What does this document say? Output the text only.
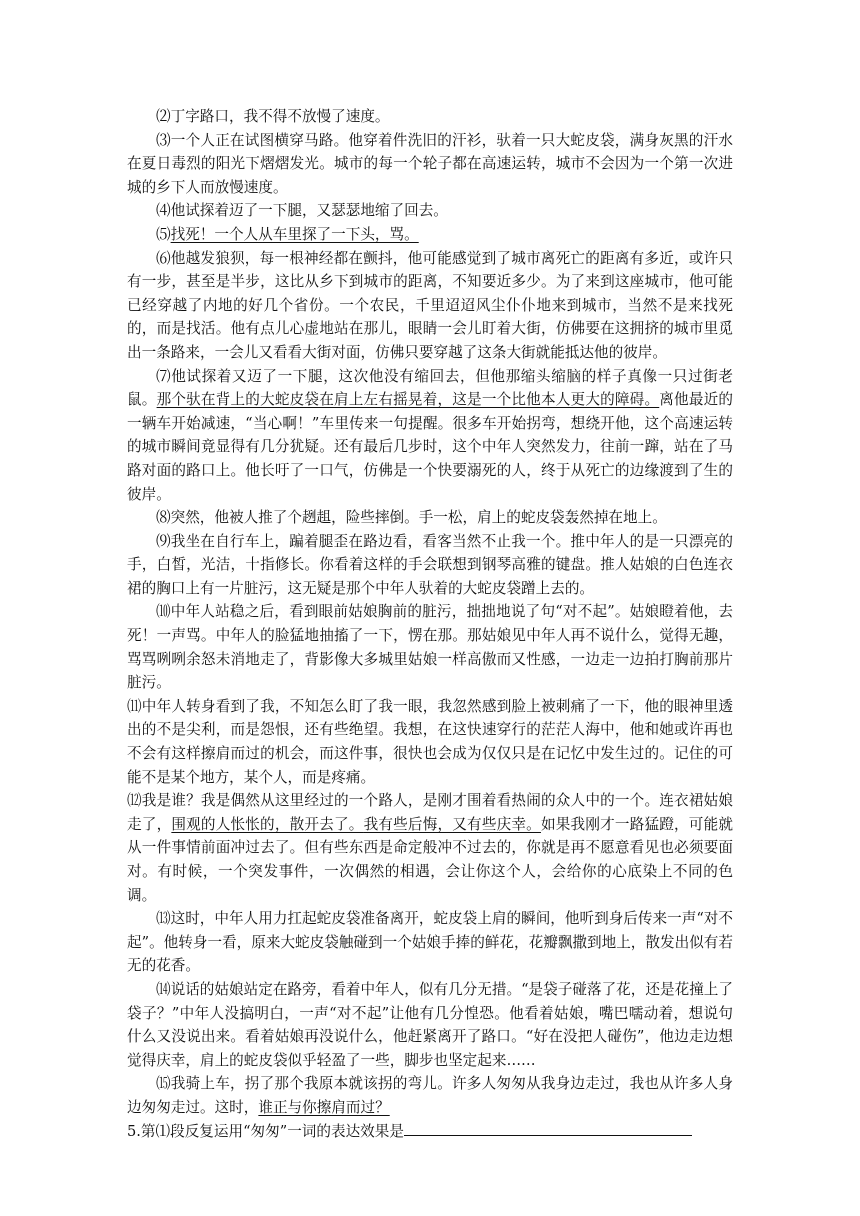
⑵丁字路口，我不得不放慢了速度。

⑶一个人正在试图横穿马路。他穿着件洗旧的汗衫，驮着一只大蛇皮袋，满身灰黑的汗水在夏日毒烈的阳光下熠熠发光。城市的每一个轮子都在高速运转，城市不会因为一个第一次进城的乡下人而放慢速度。

⑷他试探着迈了一下腿，又瑟瑟地缩了回去。

⑸找死！一个人从车里探了一下头，骂。

⑹他越发狼狈，每一根神经都在颤抖，他可能感觉到了城市离死亡的距离有多近，或许只有一步，甚至是半步，这比从乡下到城市的距离，不知要近多少。为了来到这座城市，他可能已经穿越了内地的好几个省份。一个农民，千里迢迢风尘仆仆地来到城市，当然不是来找死的，而是找活。他有点儿心虚地站在那儿，眼睛一会儿盯着大街，仿佛要在这拥挤的城市里觅出一条路来，一会儿又看看大街对面，仿佛只要穿越了这条大街就能抵达他的彼岸。

⑺他试探着又迈了一下腿，这次他没有缩回去，但他那缩头缩脑的样子真像一只过街老鼠。那个驮在背上的大蛇皮袋在肩上左右摇晃着，这是一个比他本人更大的障碍。离他最近的一辆车开始减速，“当心啊！”车里传来一句提醒。很多车开始拐弯，想绕开他，这个高速运转的城市瞬间竟显得有几分犹疑。还有最后几步时，这个中年人突然发力，往前一蹿，站在了马路对面的路口上。他长吁了一口气，仿佛是一个快要溺死的人，终于从死亡的边缘渡到了生的彼岸。

⑻突然，他被人推了个趔趄，险些摔倒。手一松，肩上的蛇皮袋轰然掉在地上。

⑼我坐在自行车上，蹁着腿歪在路边看，看客当然不止我一个。推中年人的是一只漂亮的手，白皙，光洁，十指修长。你看着这样的手会联想到钢琴高雅的键盘。推人姑娘的白色连衣裙的胸口上有一片脏污，这无疑是那个中年人驮着的大蛇皮袋蹭上去的。

⑽中年人站稳之后，看到眼前姑娘胸前的脏污，拙拙地说了句“对不起”。姑娘瞪着他，去死！一声骂。中年人的脸猛地抽搐了一下，愣在那。那姑娘见中年人再不说什么，觉得无趣，骂骂咧咧余怒未消地走了，背影像大多城里姑娘一样高傲而又性感，一边走一边拍打胸前那片脏污。

⑾中年人转身看到了我，不知怎么盯了我一眼，我忽然感到脸上被刺痛了一下，他的眼神里透出的不是尖利，而是怨恨，还有些绝望。我想，在这快速穿行的茫茫人海中，他和她或许再也不会有这样擦肩而过的机会，而这件事，很快也会成为仅仅只是在记忆中发生过的。记住的可能不是某个地方，某个人，而是疼痛。

⑿我是谁？我是偶然从这里经过的一个路人，是刚才围着看热闹的众人中的一个。连衣裙姑娘走了，围观的人怅怅的，散开去了。我有些后悔，又有些庆幸。如果我刚才一路猛蹬，可能就从一件事情前面冲过去了。但有些东西是命定般冲不过去的，你就是再不愿意看见也必须要面对。有时候，一个突发事件，一次偶然的相遇，会让你这个人，会给你的心底染上不同的色调。

⒀这时，中年人用力扛起蛇皮袋准备离开，蛇皮袋上肩的瞬间，他听到身后传来一声“对不起”。他转身一看，原来大蛇皮袋触碰到一个姑娘手捧的鲜花，花瓣飘撒到地上，散发出似有若无的花香。

⒁说话的姑娘站定在路旁，看着中年人，似有几分无措。“是袋子碰落了花，还是花撞上了袋子？”中年人没搞明白，一声“对不起”让他有几分惶恐。他看着姑娘，嘴巴嚅动着，想说句什么又没说出来。看着姑娘再没说什么，他赶紧离开了路口。“好在没把人碰伤”，他边走边想觉得庆幸，肩上的蛇皮袋似乎轻盈了一些，脚步也坚定起来……

⒂我骑上车，拐了那个我原本就该拐的弯儿。许多人匆匆从我身边走过，我也从许多人身边匆匆走过。这时，谁正与你擦肩而过？

5.第⑴段反复运用“匆匆”一词的表达效果是
